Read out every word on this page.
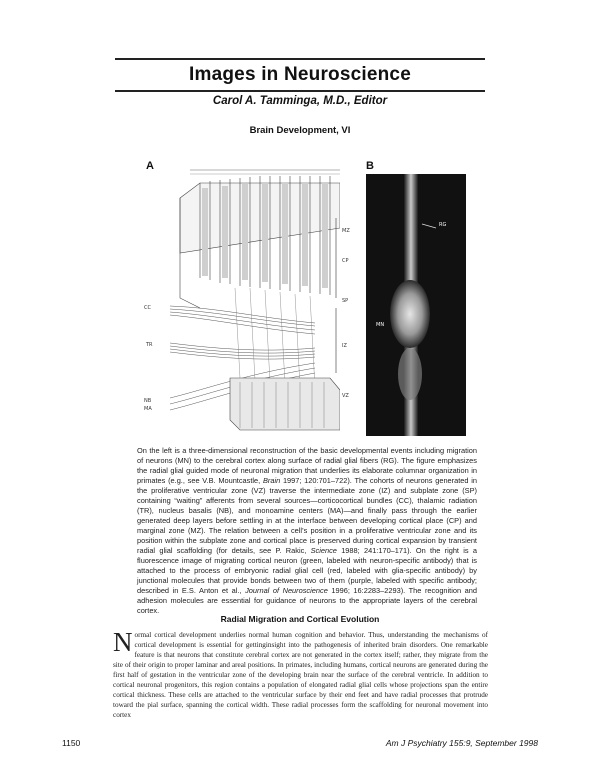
Images in Neuroscience
Carol A. Tamminga, M.D., Editor
Brain Development, VI
A	B
CC
TR
NB
MA
MZ
CP
SP
IZ
VZ
RG
MN
On the left is a three-dimensional reconstruction of the basic developmental events including migration of neurons (MN) to the cerebral cortex along surface of radial glial fibers (RG). The figure emphasizes the radial glial guided mode of neuronal migration that underlies its elaborate columnar organization in primates (e.g., see V.B. Mountcastle, Brain 1997; 120:701–722). The cohorts of neurons generated in the proliferative ventricular zone (VZ) traverse the intermediate zone (IZ) and subplate zone (SP) containing “waiting” afferents from several sources—corticocortical bundles (CC), thalamic radiation (TR), nucleus basalis (NB), and monoamine centers (MA)—and finally pass through the earlier generated deep layers before settling in at the interface between developing cortical place (CP) and marginal zone (MZ). The relation between a cell’s position in a proliferative ventricular zone and its position within the subplate zone and cortical place is preserved during cortical expansion by transient radial glial scaffolding (for details, see P. Rakic, Science 1988; 241:170–171). On the right is a fluorescence image of migrating cortical neuron (green, labeled with neuron-specific antibody) that is attached to the process of embryonic radial glial cell (red, labeled with glia-specific antibody) by junctional molecules that provide bonds between two of them (purple, labeled with specific antibody; described in E.S. Anton et al., Journal of Neuroscience 1996; 16:2283–2293). The recognition and adhesion molecules are essential for guidance of neurons to the appropriate layers of the cerebral cortex.
Radial Migration and Cortical Evolution
Normal cortical development underlies normal human cognition and behavior. Thus, understanding the mechanisms of cortical development is essential for gettinginsight into the pathogenesis of inherited brain disorders. One remarkable feature is that neurons that constitute cerebral cortex are not generated in the cortex itself; rather, they migrate from the site of their origin to proper laminar and areal positions. In primates, including humans, cortical neurons are generated during the first half of gestation in the ventricular zone of the developing brain near the surface of the cerebral ventricle. In addition to cortical neuronal progenitors, this region contains a population of elongated radial glial cells whose projections span the entire cortical thickness. These cells are attached to the ventricular surface by their end feet and have radial processes that protrude toward the pial surface, spanning the cortical width. These radial processes form the scaffolding for neuronal movement into cortex
1150	Am J Psychiatry 155:9, September 1998
